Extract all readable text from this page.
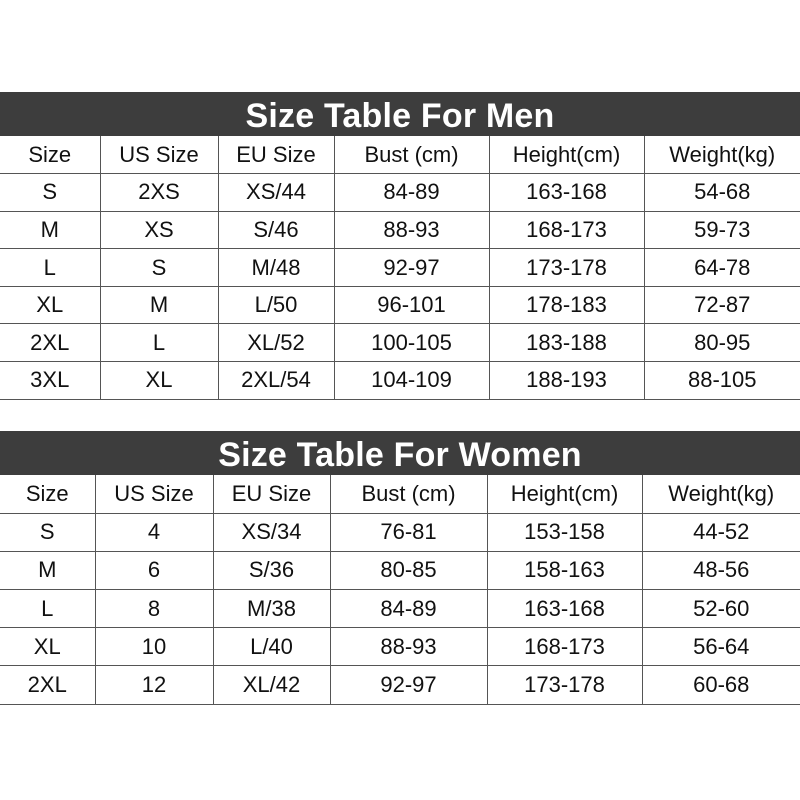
Size Table For Men
Size	US Size	EU Size	Bust (cm)	Height(cm)	Weight(kg)
S	2XS	XS/44	84-89	163-168	54-68
M	XS	S/46	88-93	168-173	59-73
L	S	M/48	92-97	173-178	64-78
XL	M	L/50	96-101	178-183	72-87
2XL	L	XL/52	100-105	183-188	80-95
3XL	XL	2XL/54	104-109	188-193	88-105
Size Table For Women
Size	US Size	EU Size	Bust (cm)	Height(cm)	Weight(kg)
S	4	XS/34	76-81	153-158	44-52
M	6	S/36	80-85	158-163	48-56
L	8	M/38	84-89	163-168	52-60
XL	10	L/40	88-93	168-173	56-64
2XL	12	XL/42	92-97	173-178	60-68
